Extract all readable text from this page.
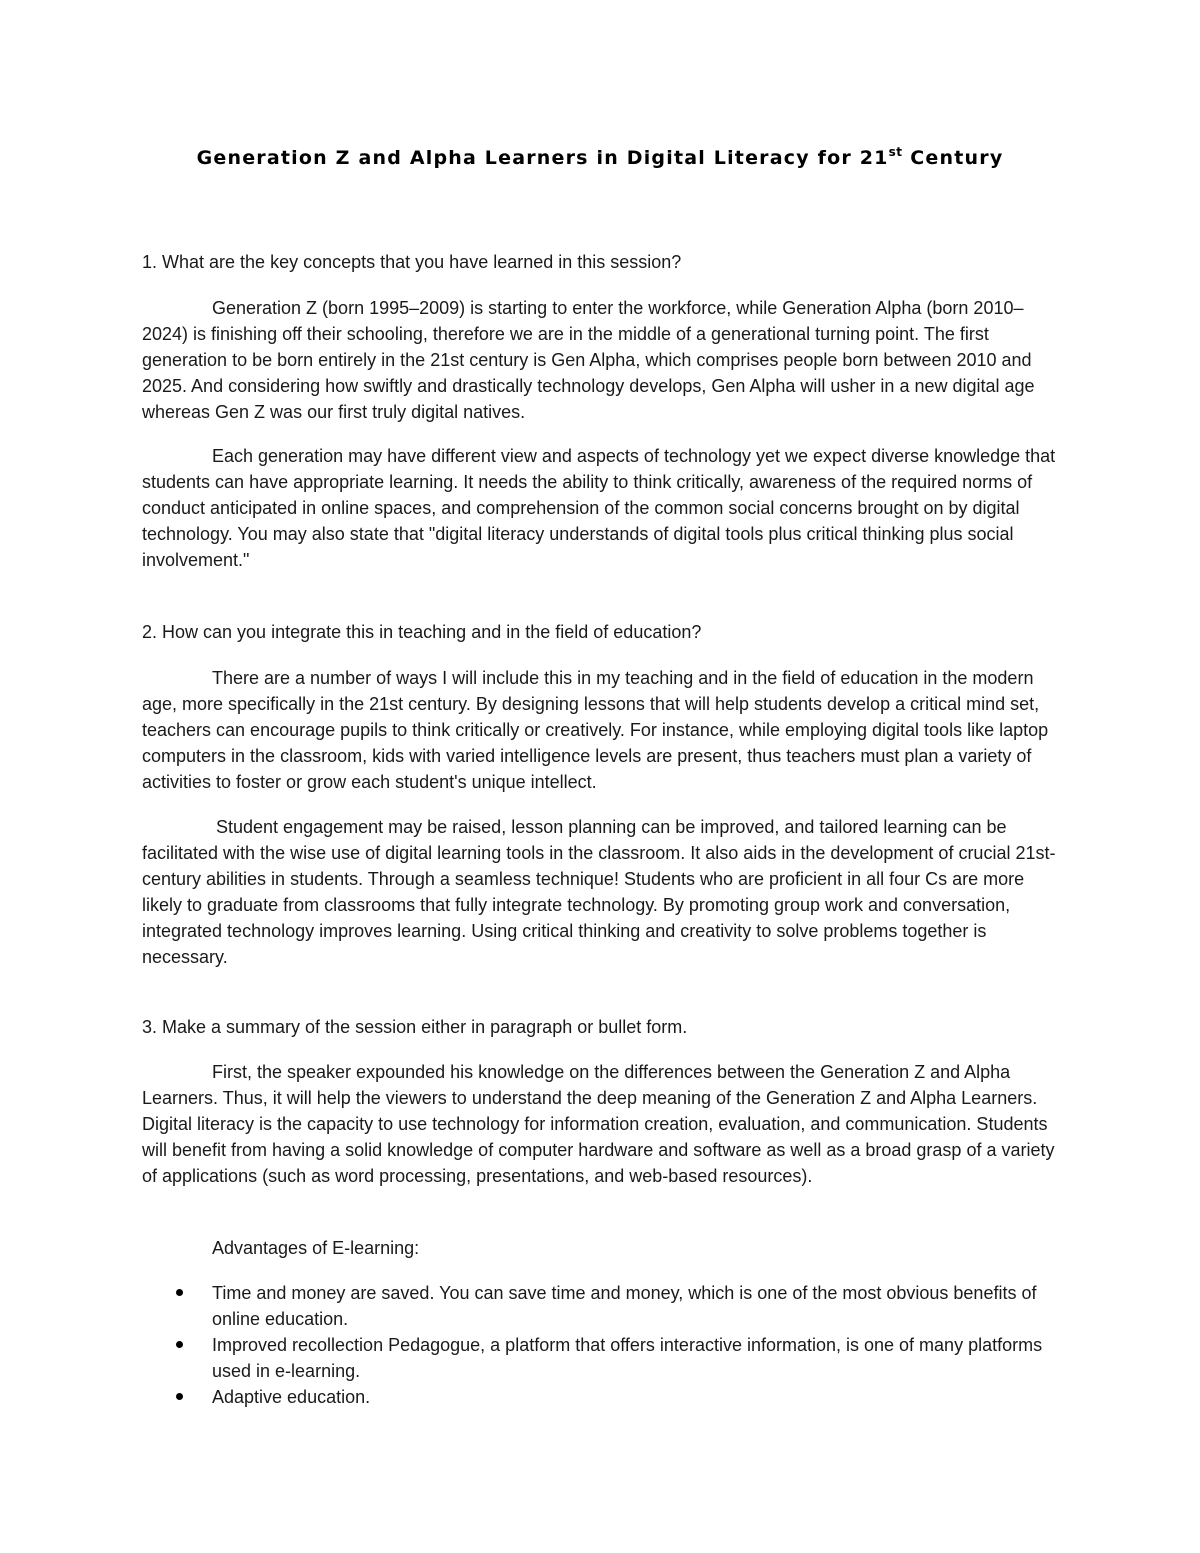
Generation Z and Alpha Learners in Digital Literacy for 21st Century

1. What are the key concepts that you have learned in this session?

Generation Z (born 1995–2009) is starting to enter the workforce, while Generation Alpha (born 2010–2024) is finishing off their schooling, therefore we are in the middle of a generational turning point. The first generation to be born entirely in the 21st century is Gen Alpha, which comprises people born between 2010 and 2025. And considering how swiftly and drastically technology develops, Gen Alpha will usher in a new digital age whereas Gen Z was our first truly digital natives.

Each generation may have different view and aspects of technology yet we expect diverse knowledge that students can have appropriate learning. It needs the ability to think critically, awareness of the required norms of conduct anticipated in online spaces, and comprehension of the common social concerns brought on by digital technology. You may also state that "digital literacy understands of digital tools plus critical thinking plus social involvement."

2. How can you integrate this in teaching and in the field of education?

There are a number of ways I will include this in my teaching and in the field of education in the modern age, more specifically in the 21st century. By designing lessons that will help students develop a critical mind set, teachers can encourage pupils to think critically or creatively. For instance, while employing digital tools like laptop computers in the classroom, kids with varied intelligence levels are present, thus teachers must plan a variety of activities to foster or grow each student's unique intellect.

Student engagement may be raised, lesson planning can be improved, and tailored learning can be facilitated with the wise use of digital learning tools in the classroom. It also aids in the development of crucial 21st-century abilities in students. Through a seamless technique! Students who are proficient in all four Cs are more likely to graduate from classrooms that fully integrate technology. By promoting group work and conversation, integrated technology improves learning. Using critical thinking and creativity to solve problems together is necessary.

3. Make a summary of the session either in paragraph or bullet form.

First, the speaker expounded his knowledge on the differences between the Generation Z and Alpha Learners. Thus, it will help the viewers to understand the deep meaning of the Generation Z and Alpha Learners. Digital literacy is the capacity to use technology for information creation, evaluation, and communication. Students will benefit from having a solid knowledge of computer hardware and software as well as a broad grasp of a variety of applications (such as word processing, presentations, and web-based resources).

Advantages of E-learning:

Time and money are saved. You can save time and money, which is one of the most obvious benefits of online education.
Improved recollection Pedagogue, a platform that offers interactive information, is one of many platforms used in e-learning.
Adaptive education.
